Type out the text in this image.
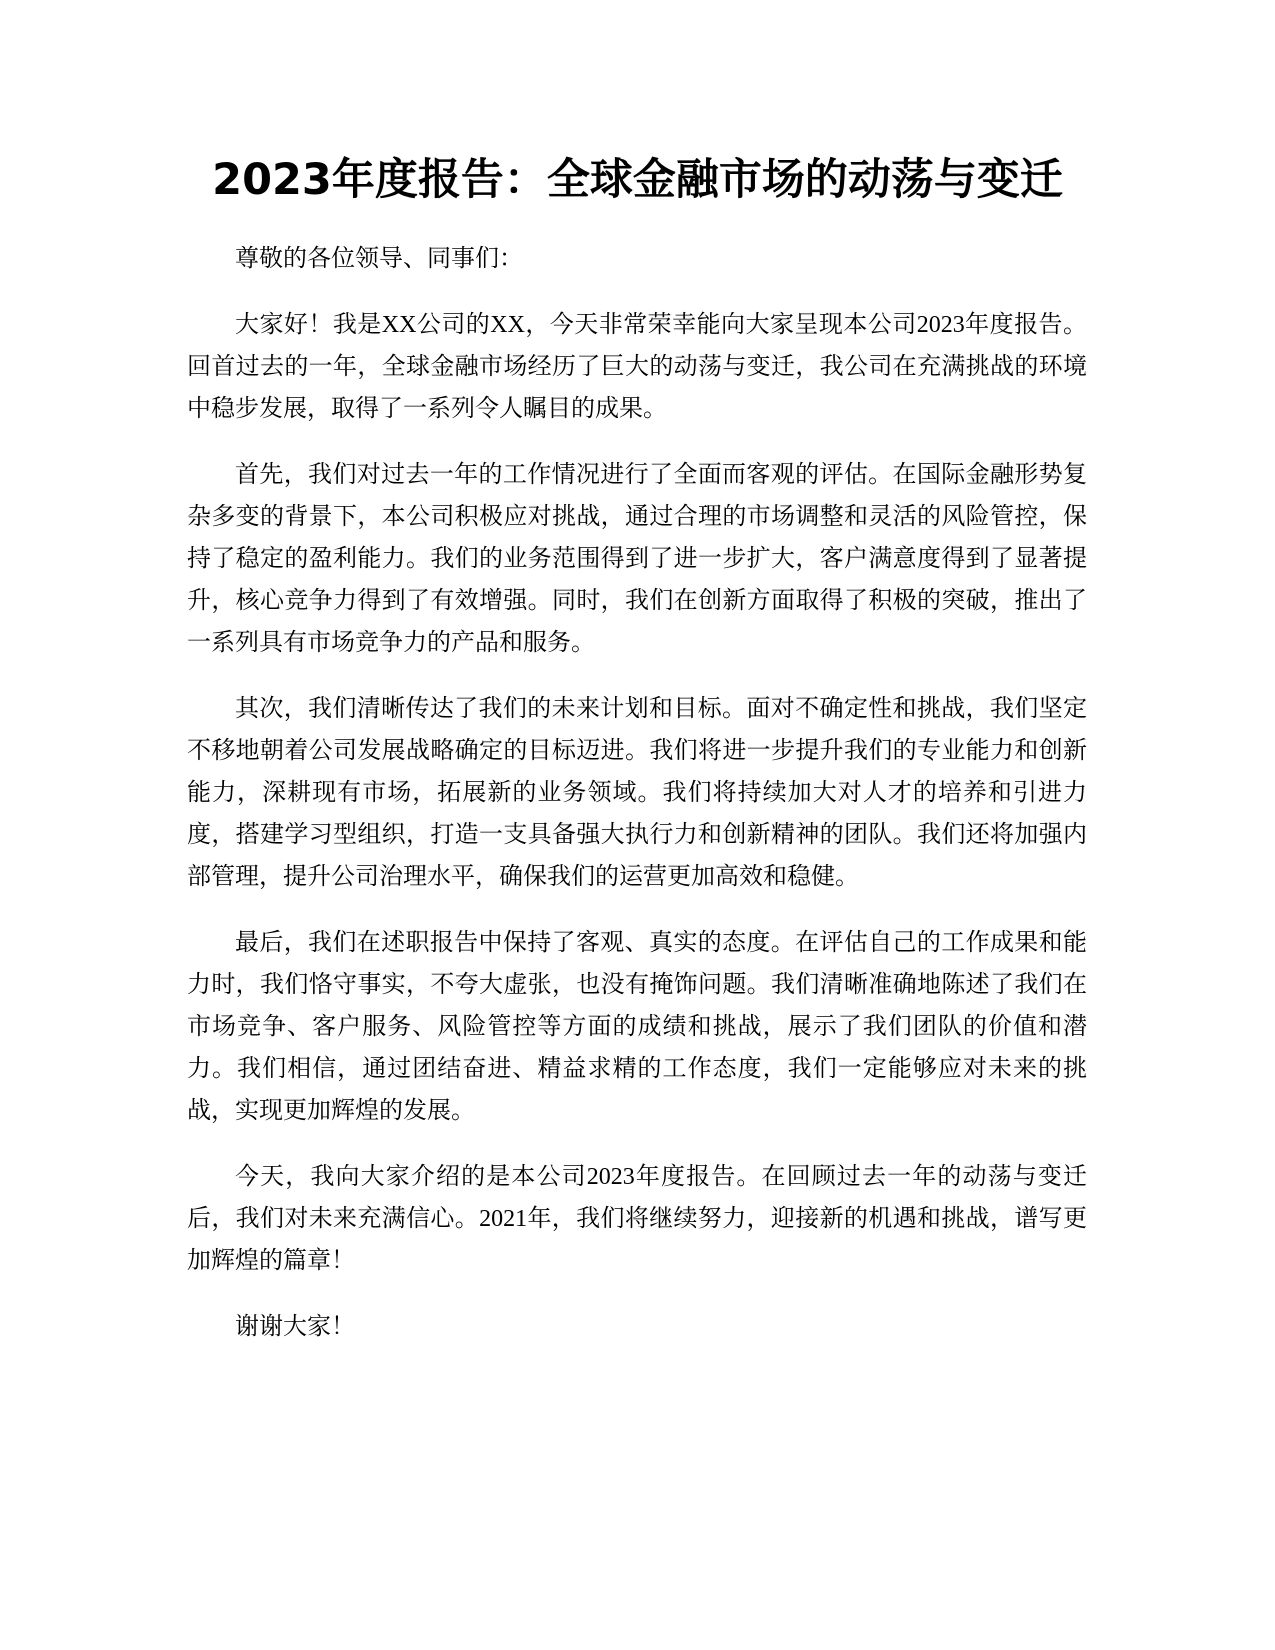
2023年度报告：全球金融市场的动荡与变迁

尊敬的各位领导、同事们：

大家好！我是XX公司的XX，今天非常荣幸能向大家呈现本公司2023年度报告。回首过去的一年，全球金融市场经历了巨大的动荡与变迁，我公司在充满挑战的环境中稳步发展，取得了一系列令人瞩目的成果。

首先，我们对过去一年的工作情况进行了全面而客观的评估。在国际金融形势复杂多变的背景下，本公司积极应对挑战，通过合理的市场调整和灵活的风险管控，保持了稳定的盈利能力。我们的业务范围得到了进一步扩大，客户满意度得到了显著提升，核心竞争力得到了有效增强。同时，我们在创新方面取得了积极的突破，推出了一系列具有市场竞争力的产品和服务。

其次，我们清晰传达了我们的未来计划和目标。面对不确定性和挑战，我们坚定不移地朝着公司发展战略确定的目标迈进。我们将进一步提升我们的专业能力和创新能力，深耕现有市场，拓展新的业务领域。我们将持续加大对人才的培养和引进力度，搭建学习型组织，打造一支具备强大执行力和创新精神的团队。我们还将加强内部管理，提升公司治理水平，确保我们的运营更加高效和稳健。

最后，我们在述职报告中保持了客观、真实的态度。在评估自己的工作成果和能力时，我们恪守事实，不夸大虚张，也没有掩饰问题。我们清晰准确地陈述了我们在市场竞争、客户服务、风险管控等方面的成绩和挑战，展示了我们团队的价值和潜力。我们相信，通过团结奋进、精益求精的工作态度，我们一定能够应对未来的挑战，实现更加辉煌的发展。

今天，我向大家介绍的是本公司2023年度报告。在回顾过去一年的动荡与变迁后，我们对未来充满信心。2021年，我们将继续努力，迎接新的机遇和挑战，谱写更加辉煌的篇章！

谢谢大家！
